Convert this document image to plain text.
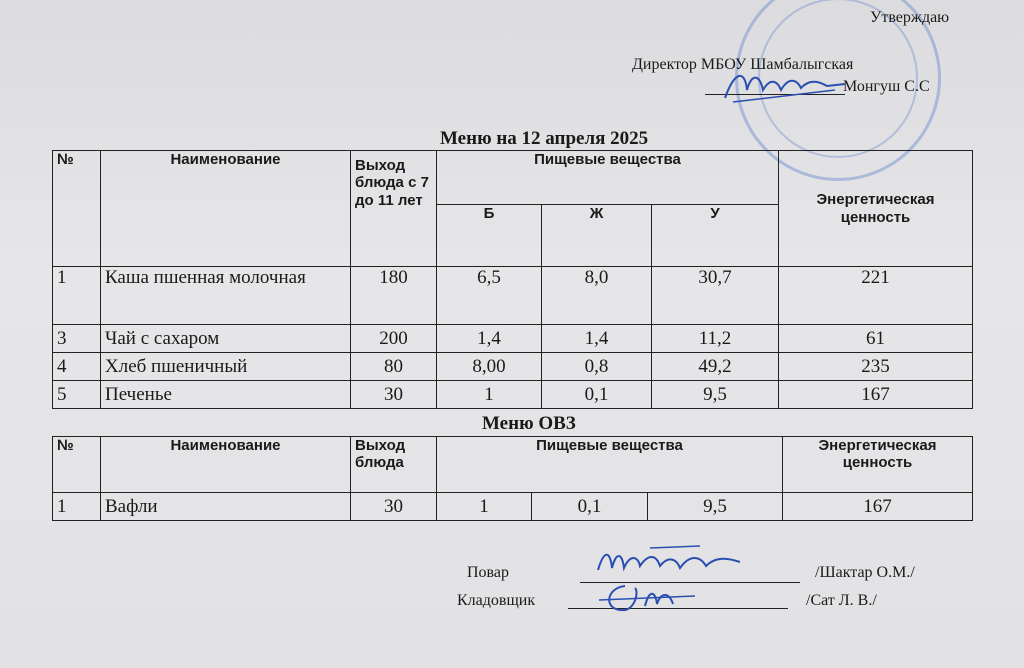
Утверждаю
Директор МБОУ Шамбалыгская
Монгуш С.С
Меню на 12 апреля 2025
№	Наименование	Выход блюда с 7 до 11 лет	Пищевые вещества			Энергетическая ценность
			Б	Ж	У	
1	Каша пшенная молочная	180	6,5	8,0	30,7	221
3	Чай с сахаром	200	1,4	1,4	11,2	61
4	Хлеб пшеничный	80	8,00	0,8	49,2	235
5	Печенье	30	1	0,1	9,5	167
Меню ОВЗ
№	Наименование	Выход блюда	Пищевые вещества			Энергетическая ценность
1	Вафли	30	1	0,1	9,5	167
Повар	/Шактар О.М./
Кладовщик	/Сат Л. В./
